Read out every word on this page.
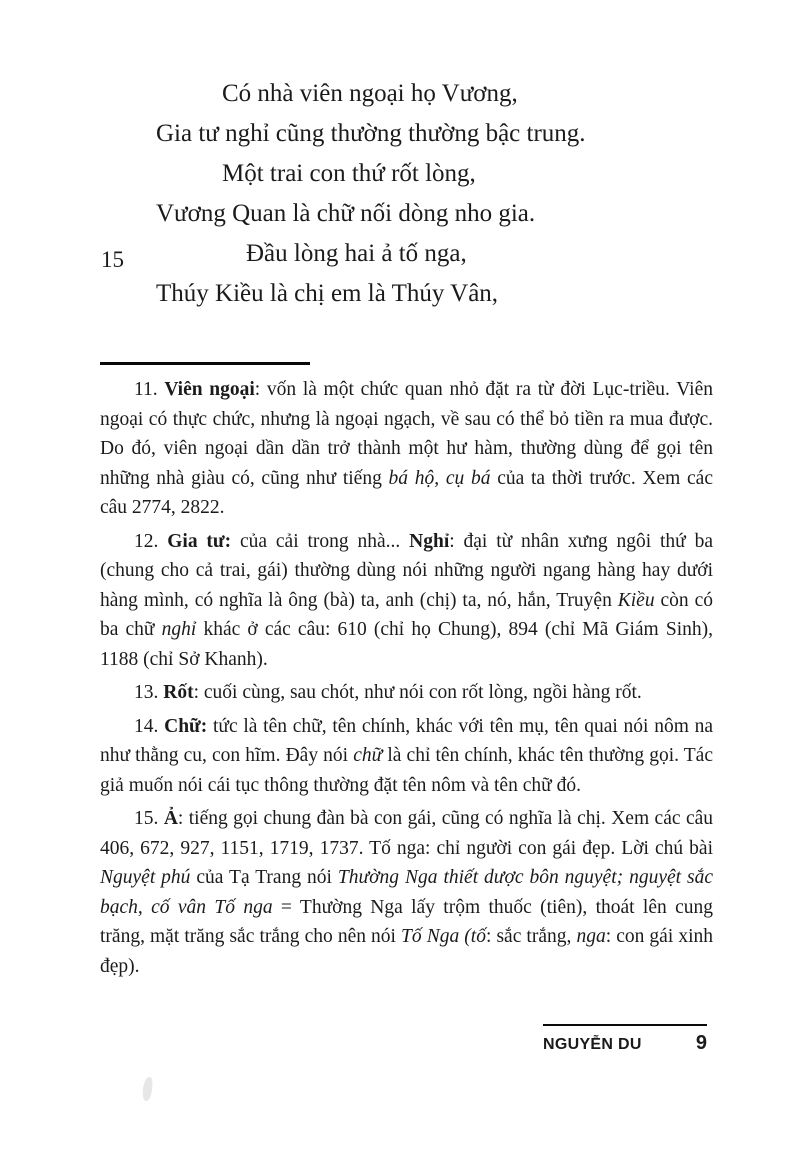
15
Có nhà viên ngoại họ Vương,
Gia tư nghỉ cũng thường thường bậc trung.
Một trai con thứ rốt lòng,
Vương Quan là chữ nối dòng nho gia.
Đầu lòng hai ả tố nga,
Thúy Kiều là chị em là Thúy Vân,

11. Viên ngoại: vốn là một chức quan nhỏ đặt ra từ đời Lục-triều. Viên ngoại có thực chức, nhưng là ngoại ngạch, về sau có thể bỏ tiền ra mua được. Do đó, viên ngoại dần dần trở thành một hư hàm, thường dùng để gọi tên những nhà giàu có, cũng như tiếng bá hộ, cụ bá của ta thời trước. Xem các câu 2774, 2822.

12. Gia tư: của cải trong nhà... Nghỉ: đại từ nhân xưng ngôi thứ ba (chung cho cả trai, gái) thường dùng nói những người ngang hàng hay dưới hàng mình, có nghĩa là ông (bà) ta, anh (chị) ta, nó, hắn, Truyện Kiều còn có ba chữ nghỉ khác ở các câu: 610 (chỉ họ Chung), 894 (chỉ Mã Giám Sinh), 1188 (chỉ Sở Khanh).

13. Rốt: cuối cùng, sau chót, như nói con rốt lòng, ngồi hàng rốt.

14. Chữ: tức là tên chữ, tên chính, khác với tên mụ, tên quai nói nôm na như thằng cu, con hĩm. Đây nói chữ là chỉ tên chính, khác tên thường gọi. Tác giả muốn nói cái tục thông thường đặt tên nôm và tên chữ đó.

15. Ả: tiếng gọi chung đàn bà con gái, cũng có nghĩa là chị. Xem các câu 406, 672, 927, 1151, 1719, 1737. Tố nga: chỉ người con gái đẹp. Lời chú bài Nguyệt phú của Tạ Trang nói Thường Nga thiết dược bôn nguyệt; nguyệt sắc bạch, cố vân Tố nga = Thường Nga lấy trộm thuốc (tiên), thoát lên cung trăng, mặt trăng sắc trắng cho nên nói Tố Nga (tố: sắc trắng, nga: con gái xinh đẹp).

NGUYỄN DU	9
